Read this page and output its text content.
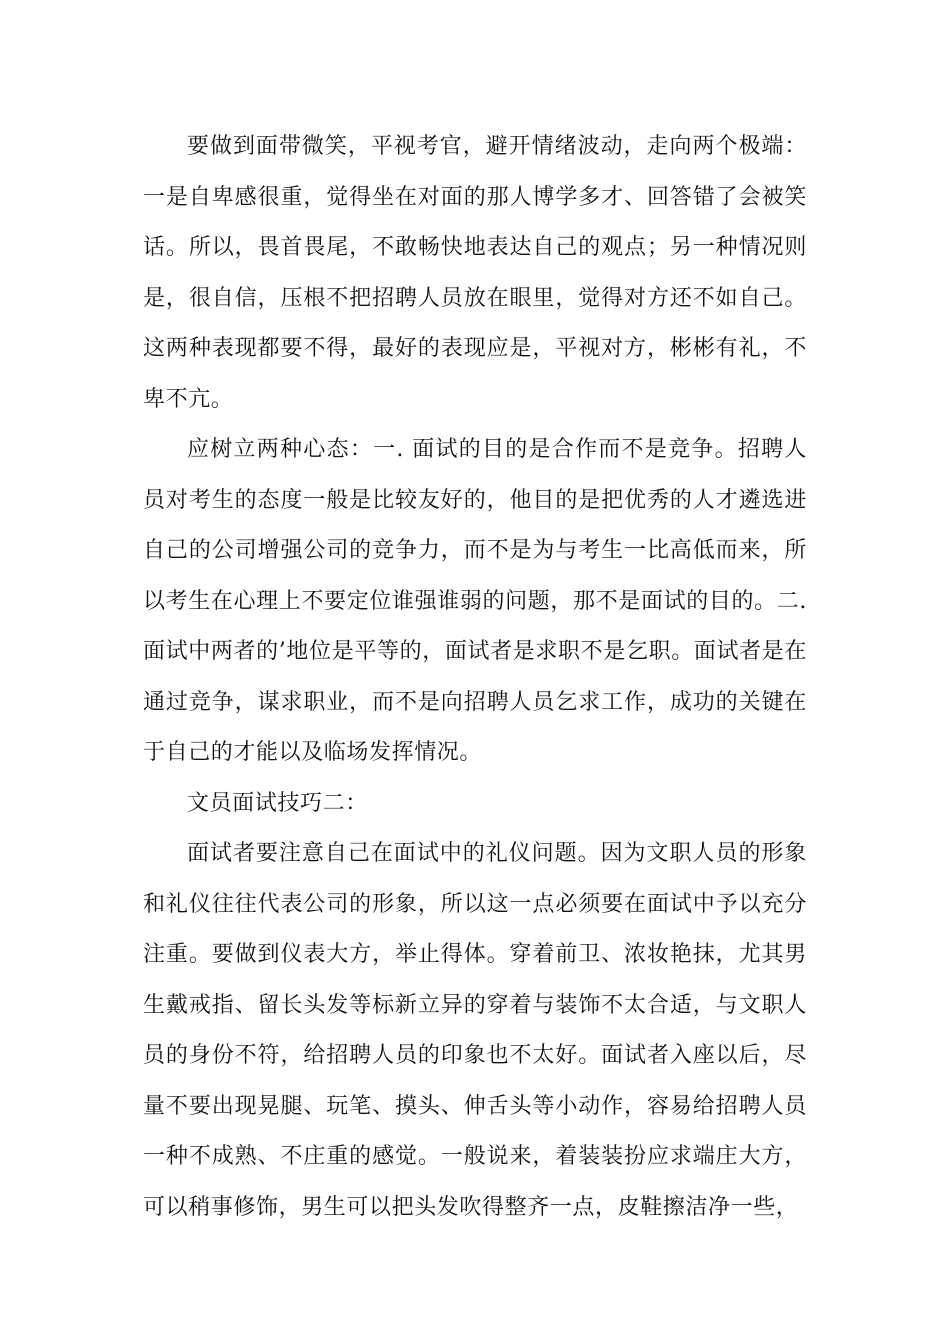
要做到面带微笑，平视考官，避开情绪波动，走向两个极端：一是自卑感很重，觉得坐在对面的那人博学多才、回答错了会被笑话。所以，畏首畏尾，不敢畅快地表达自己的观点；另一种情况则是，很自信，压根不把招聘人员放在眼里，觉得对方还不如自己。这两种表现都要不得，最好的表现应是，平视对方，彬彬有礼，不卑不亢。

应树立两种心态：一. 面试的目的是合作而不是竞争。招聘人员对考生的态度一般是比较友好的，他目的是把优秀的人才遴选进自己的公司增强公司的竞争力，而不是为与考生一比高低而来，所以考生在心理上不要定位谁强谁弱的问题，那不是面试的目的。二. 面试中两者的’地位是平等的，面试者是求职不是乞职。面试者是在通过竞争，谋求职业，而不是向招聘人员乞求工作，成功的关键在于自己的才能以及临场发挥情况。

文员面试技巧二：

面试者要注意自己在面试中的礼仪问题。因为文职人员的形象和礼仪往往代表公司的形象，所以这一点必须要在面试中予以充分注重。要做到仪表大方，举止得体。穿着前卫、浓妆艳抹，尤其男生戴戒指、留长头发等标新立异的穿着与装饰不太合适，与文职人员的身份不符，给招聘人员的印象也不太好。面试者入座以后，尽量不要出现晃腿、玩笔、摸头、伸舌头等小动作，容易给招聘人员一种不成熟、不庄重的感觉。一般说来，着装装扮应求端庄大方，可以稍事修饰，男生可以把头发吹得整齐一点，皮鞋擦洁净一些，
